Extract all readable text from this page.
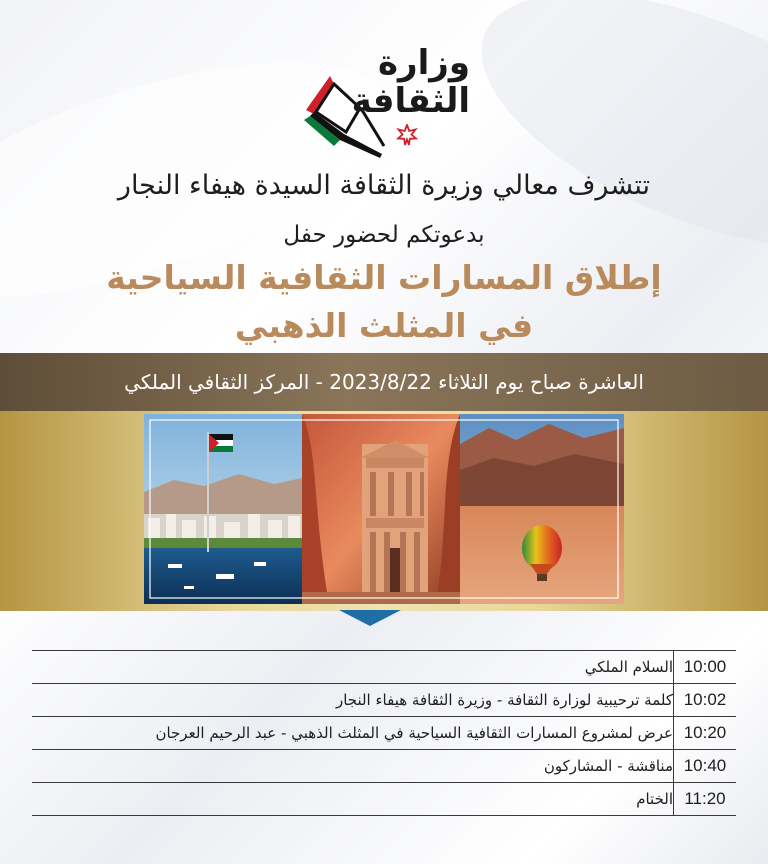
وزارة
الثقافة
تتشرف معالي وزيرة الثقافة السيدة هيفاء النجار
بدعوتكم لحضور حفل
إطلاق المسارات الثقافية السياحية
في المثلث الذهبي
العاشرة صباح يوم الثلاثاء 2023/8/22 - المركز الثقافي الملكي
السلام الملكي	10:00
كلمة ترحيبية لوزارة الثقافة - وزيرة الثقافة هيفاء النجار	10:02
عرض لمشروع المسارات الثقافية السياحية في المثلث الذهبي - عبد الرحيم العرجان	10:20
مناقشة - المشاركون	10:40
الختام	11:20
